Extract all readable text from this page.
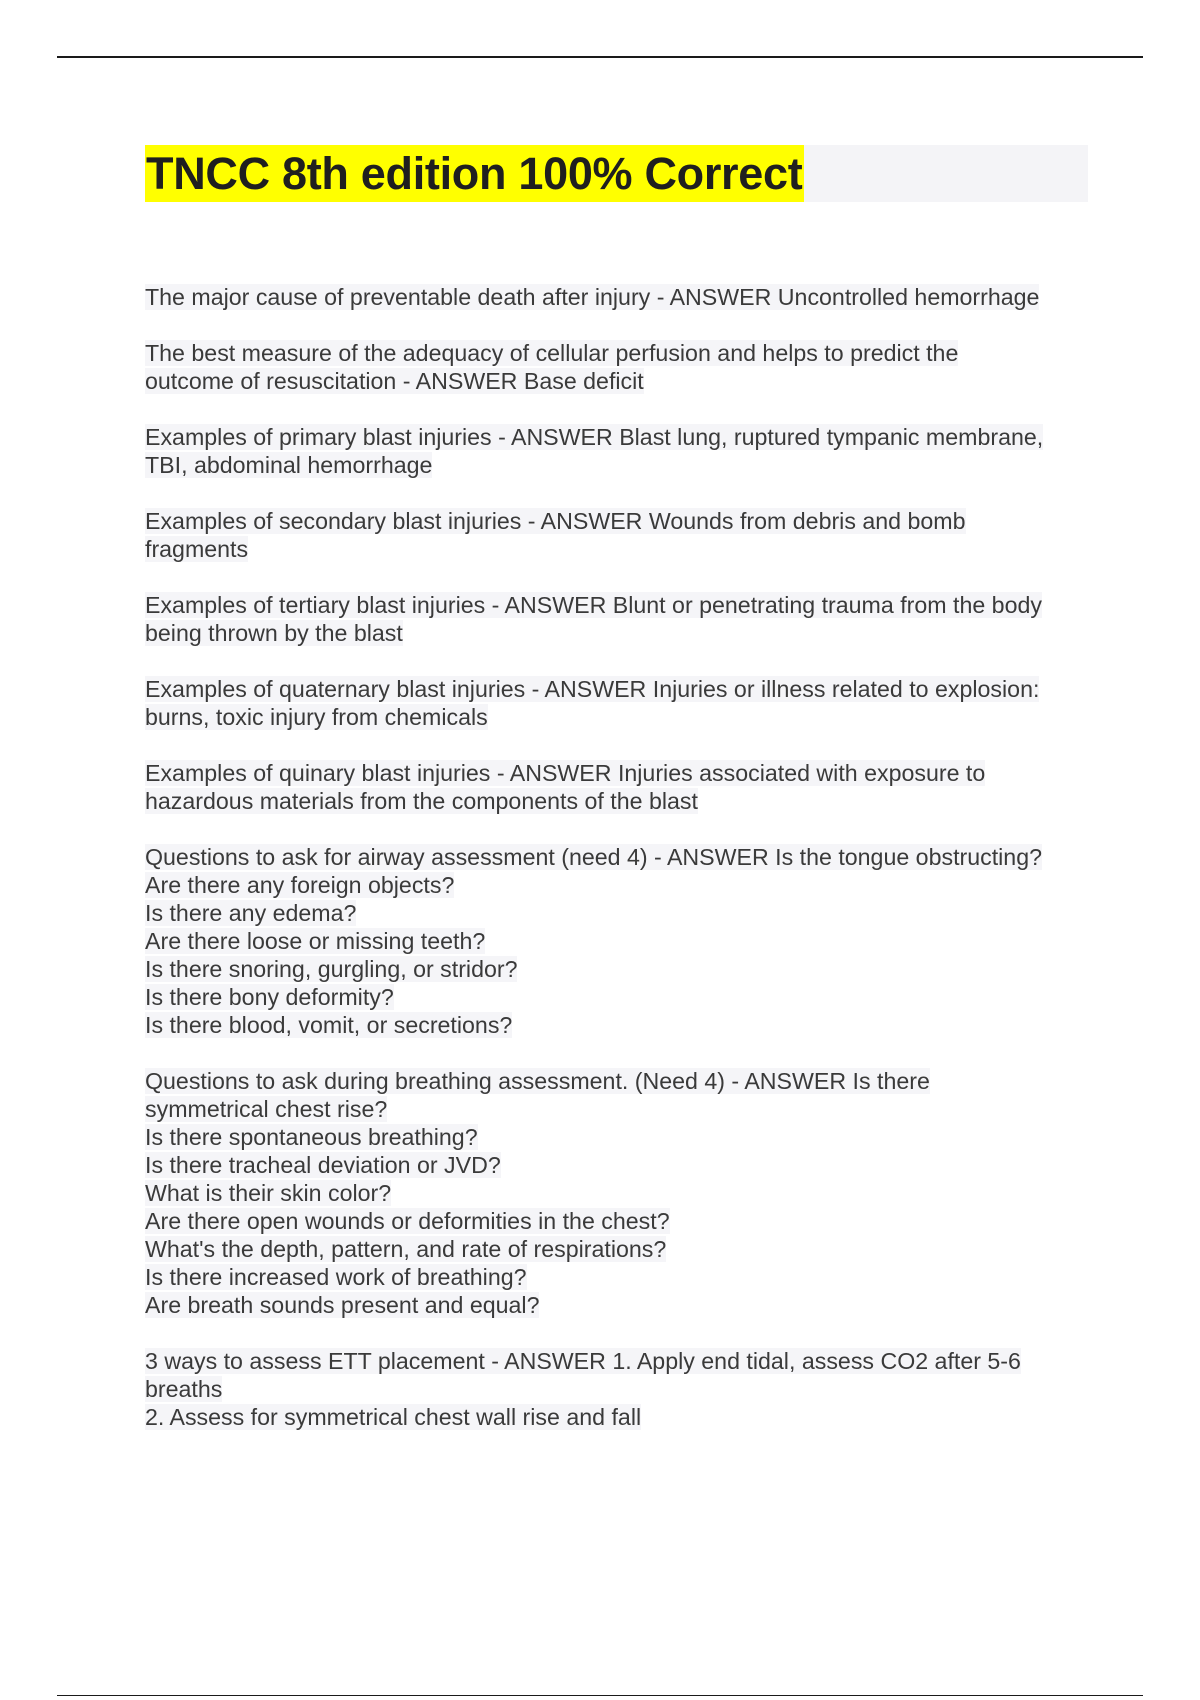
TNCC 8th edition 100% Correct

The major cause of preventable death after injury - ANSWER Uncontrolled hemorrhage

The best measure of the adequacy of cellular perfusion and helps to predict the
outcome of resuscitation - ANSWER Base deficit

Examples of primary blast injuries - ANSWER Blast lung, ruptured tympanic membrane,
TBI, abdominal hemorrhage

Examples of secondary blast injuries - ANSWER Wounds from debris and bomb
fragments

Examples of tertiary blast injuries - ANSWER Blunt or penetrating trauma from the body
being thrown by the blast

Examples of quaternary blast injuries - ANSWER Injuries or illness related to explosion:
burns, toxic injury from chemicals

Examples of quinary blast injuries - ANSWER Injuries associated with exposure to
hazardous materials from the components of the blast

Questions to ask for airway assessment (need 4) - ANSWER Is the tongue obstructing?
Are there any foreign objects?
Is there any edema?
Are there loose or missing teeth?
Is there snoring, gurgling, or stridor?
Is there bony deformity?
Is there blood, vomit, or secretions?

Questions to ask during breathing assessment. (Need 4) - ANSWER Is there
symmetrical chest rise?
Is there spontaneous breathing?
Is there tracheal deviation or JVD?
What is their skin color?
Are there open wounds or deformities in the chest?
What's the depth, pattern, and rate of respirations?
Is there increased work of breathing?
Are breath sounds present and equal?

3 ways to assess ETT placement - ANSWER 1. Apply end tidal, assess CO2 after 5-6
breaths
2. Assess for symmetrical chest wall rise and fall
